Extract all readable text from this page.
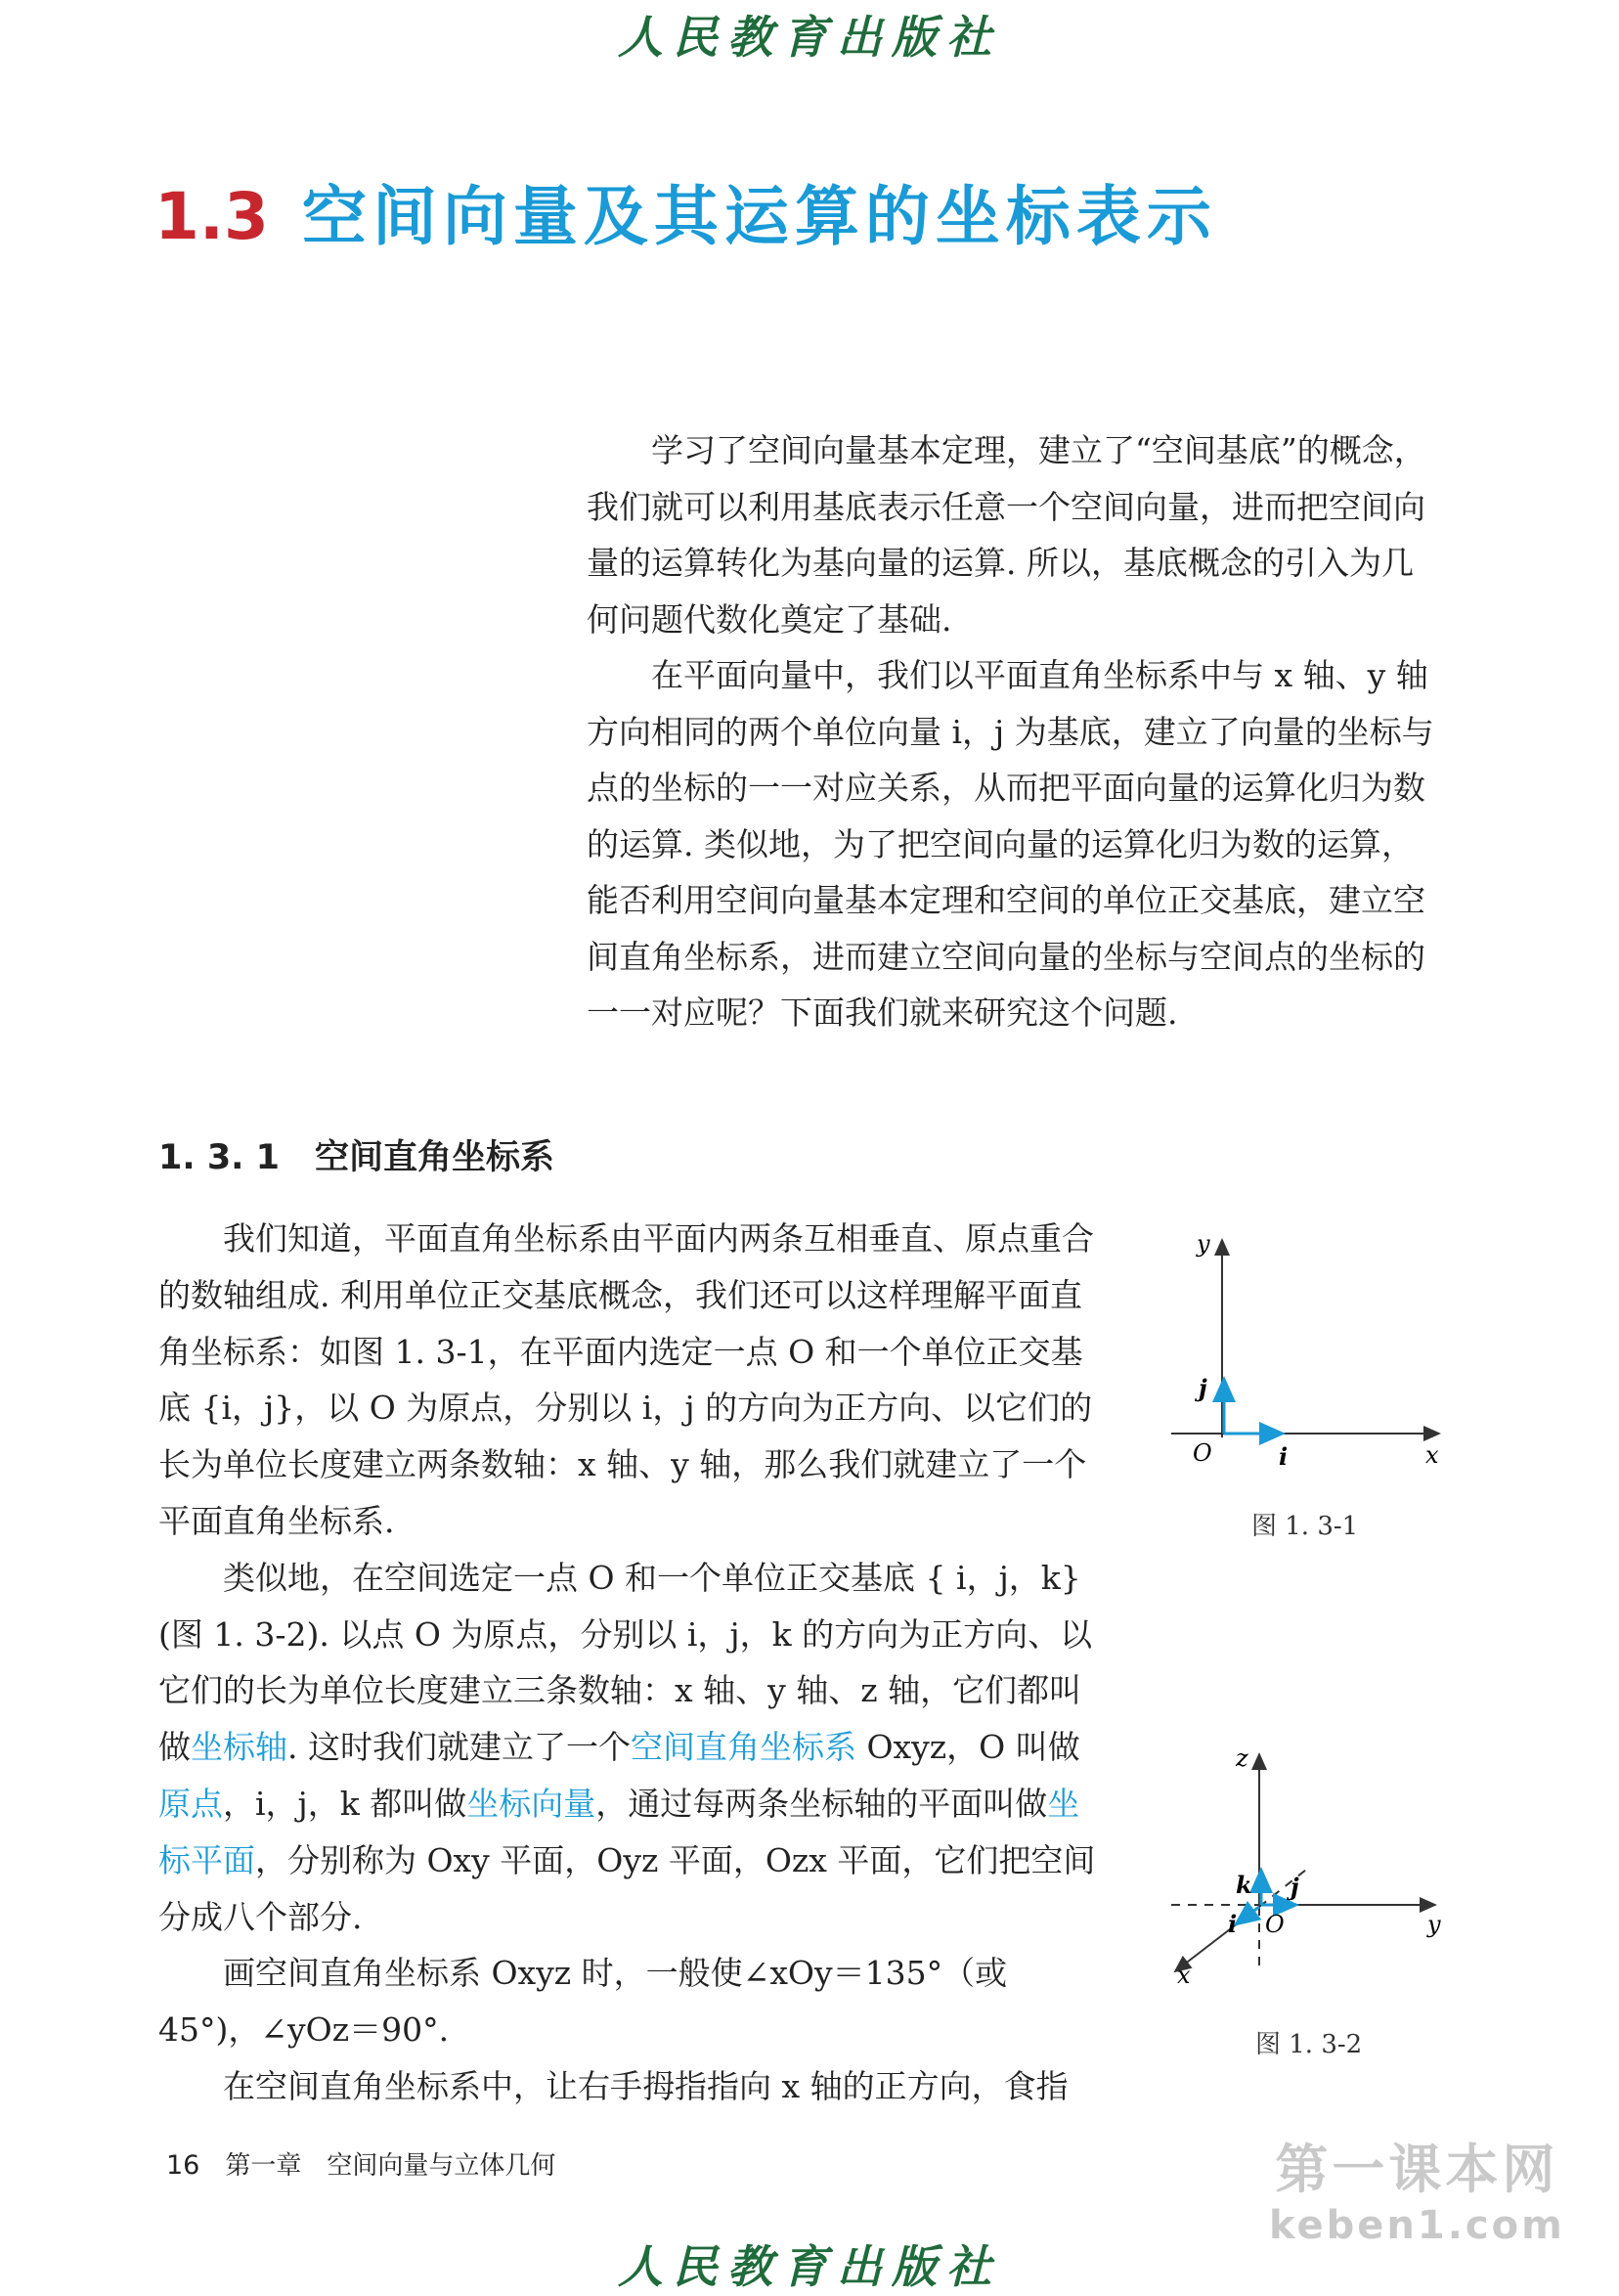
人民教育出版社
1.3 空间向量及其运算的坐标表示

学习了空间向量基本定理，建立了“空间基底”的概念，我们就可以利用基底表示任意一个空间向量，进而把空间向量的运算转化为基向量的运算. 所以，基底概念的引入为几何问题代数化奠定了基础.

在平面向量中，我们以平面直角坐标系中与 x 轴、y 轴方向相同的两个单位向量 i，j 为基底，建立了向量的坐标与点的坐标的一一对应关系，从而把平面向量的运算化归为数的运算. 类似地，为了把空间向量的运算化归为数的运算，能否利用空间向量基本定理和空间的单位正交基底，建立空间直角坐标系，进而建立空间向量的坐标与空间点的坐标的一一对应呢？下面我们就来研究这个问题.

1. 3. 1 空间直角坐标系

我们知道，平面直角坐标系由平面内两条互相垂直、原点重合的数轴组成. 利用单位正交基底概念，我们还可以这样理解平面直角坐标系：如图 1. 3-1，在平面内选定一点 O 和一个单位正交基底 {i，j}，以 O 为原点，分别以 i，j 的方向为正方向、以它们的长为单位长度建立两条数轴：x 轴、y 轴，那么我们就建立了一个平面直角坐标系.

类似地，在空间选定一点 O 和一个单位正交基底 { i，j，k} (图 1. 3-2). 以点 O 为原点，分别以 i，j，k 的方向为正方向、以它们的长为单位长度建立三条数轴：x 轴、y 轴、z 轴，它们都叫做坐标轴. 这时我们就建立了一个空间直角坐标系 Oxyz，O 叫做原点，i，j，k 都叫做坐标向量，通过每两条坐标轴的平面叫做坐标平面，分别称为 Oxy 平面，Oyz 平面，Ozx 平面，它们把空间分成八个部分.

画空间直角坐标系 Oxyz 时，一般使∠xOy＝135°（或 45°)，∠yOz＝90°.

在空间直角坐标系中，让右手拇指指向 x 轴的正方向，食指

y
x
O
j
i
图 1. 3-1
z
y
x
O
k j
i
图 1. 3-2
16 第一章　空间向量与立体几何	第一课本网
keben1.com
人民教育出版社
